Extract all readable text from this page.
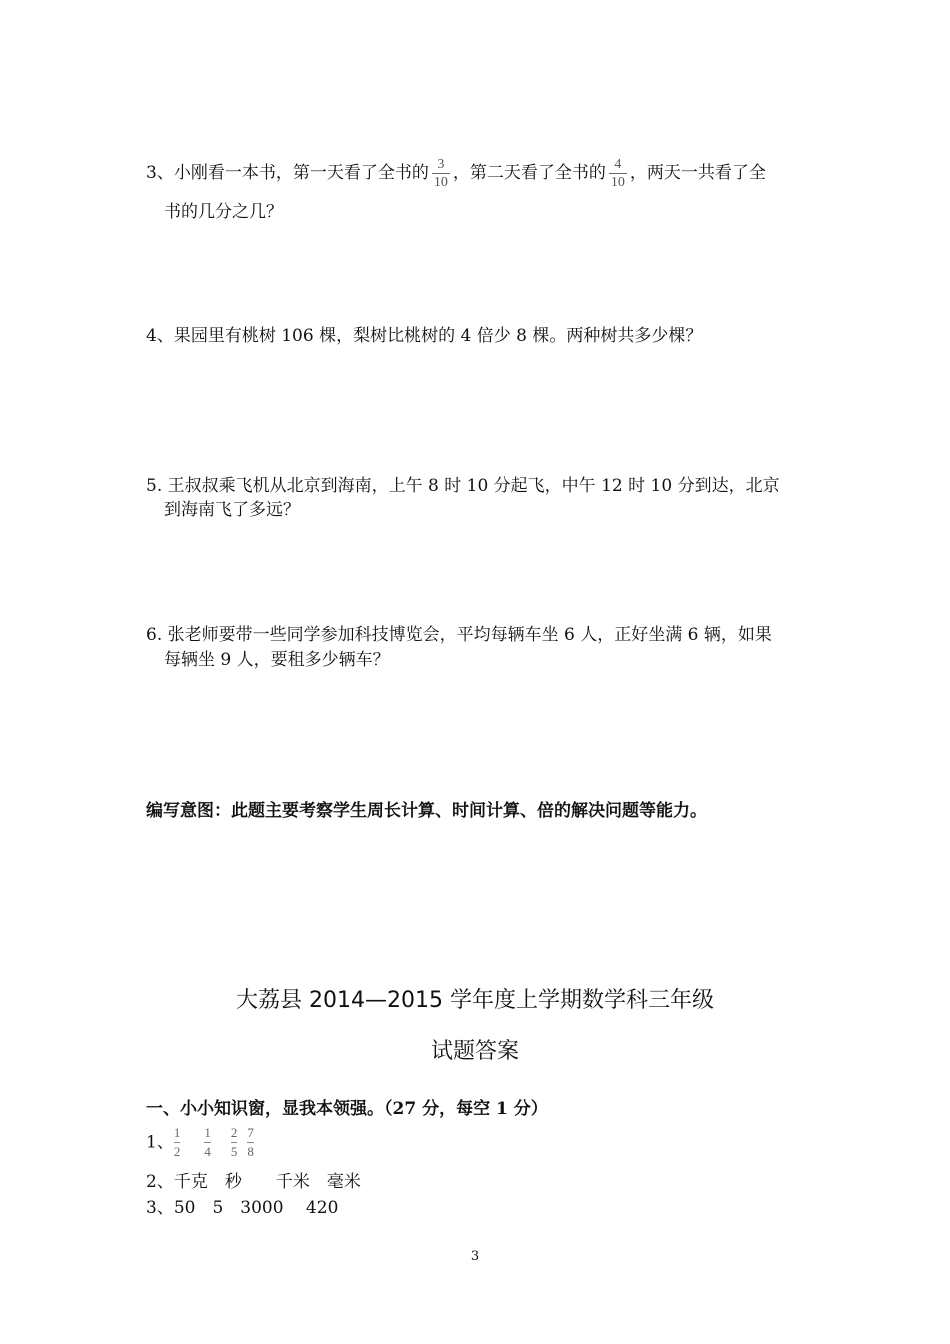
3、小刚看一本书，第一天看了全书的 $\frac{3}{10}$ ，第二天看了全书的 $\frac{4}{10}$ ，两天一共看了全
书的几分之几？
4、果园里有桃树 106 棵，梨树比桃树的 4 倍少 8 棵。两种树共多少棵？
5. 王叔叔乘飞机从北京到海南，上午 8 时 10 分起飞，中午 12 时 10 分到达，北京
到海南飞了多远？
6. 张老师要带一些同学参加科技博览会，平均每辆车坐 6 人，正好坐满 6 辆，如果
每辆坐 9 人，要租多少辆车？
编写意图：此题主要考察学生周长计算、时间计算、倍的解决问题等能力。
大荔县 2014—2015 学年度上学期数学科三年级
试题答案
一、小小知识窗，显我本领强。（27 分，每空 1 分）
1、 $\frac{1}{2} \frac{1}{4} \frac{2}{5} \frac{7}{8}$
2、千克　秒　　千米　毫米
3、50　5　3000　 420
3
